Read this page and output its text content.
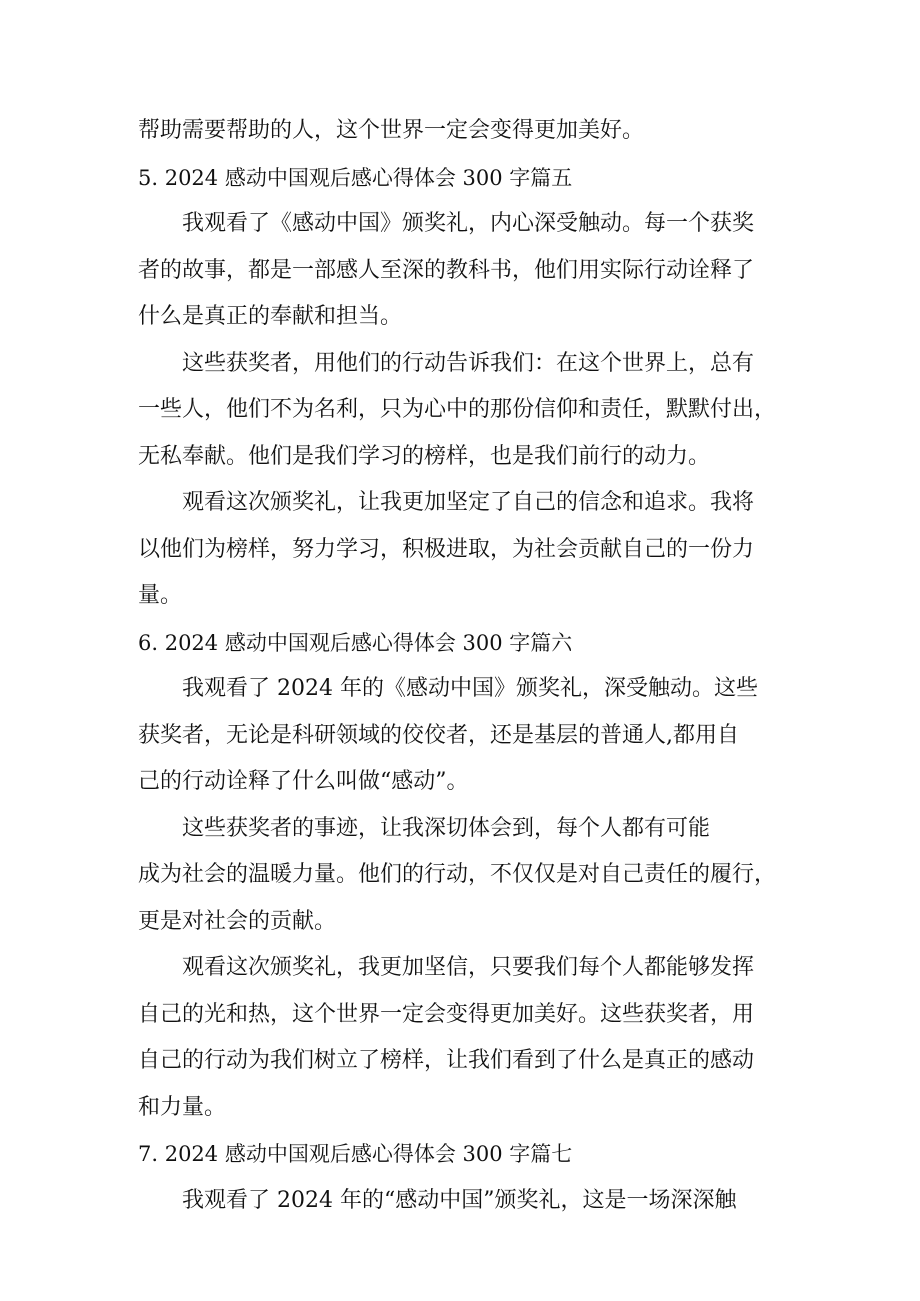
帮助需要帮助的人，这个世界一定会变得更加美好。
5. 2024 感动中国观后感心得体会 300 字篇五
我观看了《感动中国》颁奖礼，内心深受触动。每一个获奖
者的故事，都是一部感人至深的教科书，他们用实际行动诠释了
什么是真正的奉献和担当。
这些获奖者，用他们的行动告诉我们：在这个世界上，总有
一些人，他们不为名利，只为心中的那份信仰和责任，默默付出，
无私奉献。他们是我们学习的榜样，也是我们前行的动力。
观看这次颁奖礼，让我更加坚定了自己的信念和追求。我将
以他们为榜样，努力学习，积极进取，为社会贡献自己的一份力
量。
6. 2024 感动中国观后感心得体会 300 字篇六
我观看了 2024 年的《感动中国》颁奖礼，深受触动。这些
获奖者，无论是科研领域的佼佼者，还是基层的普通人,都用自
己的行动诠释了什么叫做“感动”。
这些获奖者的事迹，让我深切体会到，每个人都有可能
成为社会的温暖力量。他们的行动，不仅仅是对自己责任的履行，
更是对社会的贡献。
观看这次颁奖礼，我更加坚信，只要我们每个人都能够发挥
自己的光和热，这个世界一定会变得更加美好。这些获奖者，用
自己的行动为我们树立了榜样，让我们看到了什么是真正的感动
和力量。
7. 2024 感动中国观后感心得体会 300 字篇七
我观看了 2024 年的“感动中国”颁奖礼，这是一场深深触
